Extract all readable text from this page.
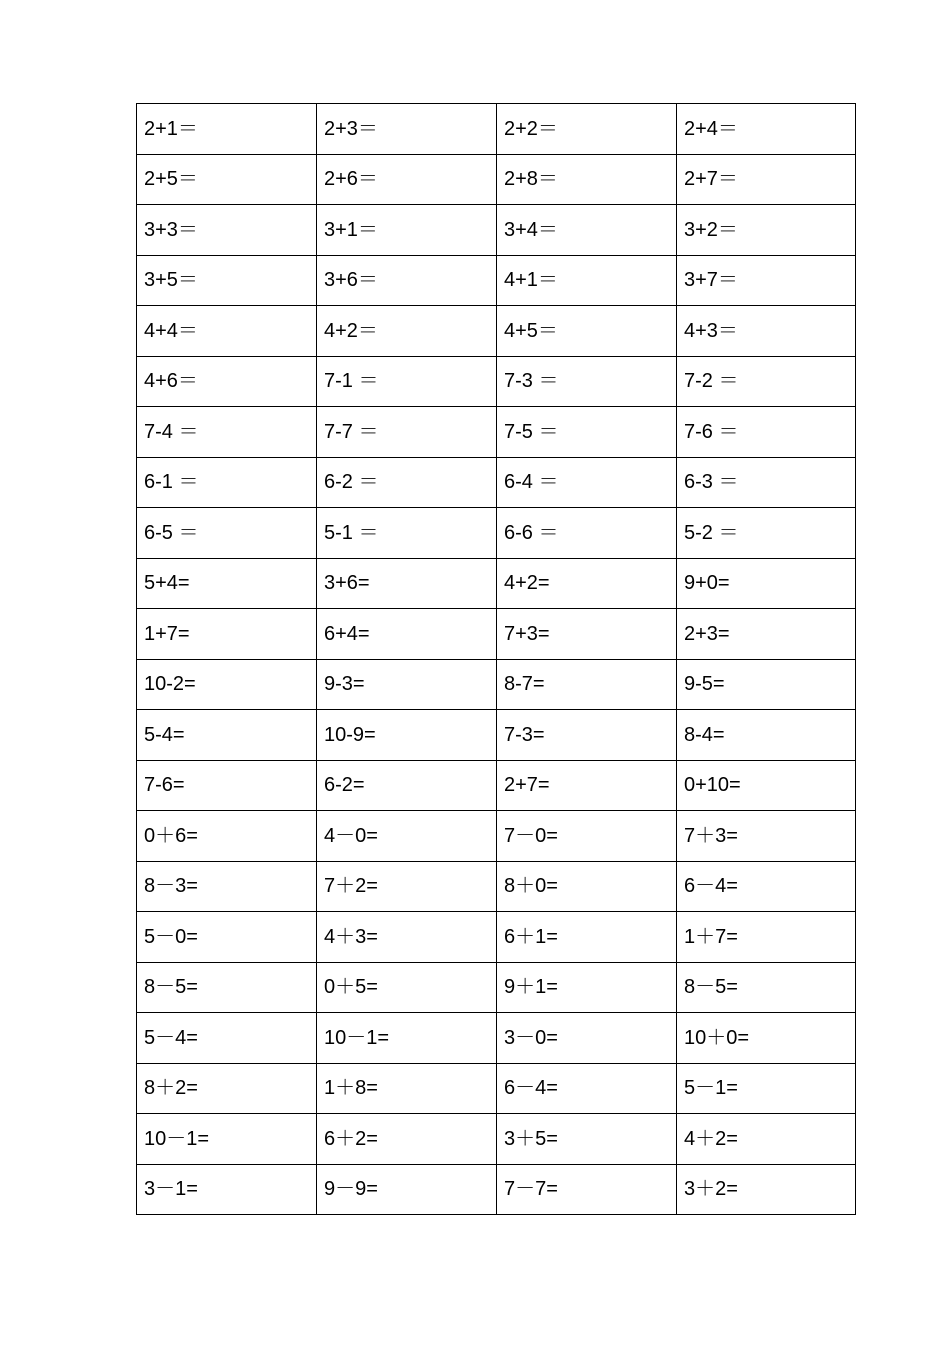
2+1＝	2+3＝	2+2＝	2+4＝
2+5＝	2+6＝	2+8＝	2+7＝
3+3＝	3+1＝	3+4＝	3+2＝
3+5＝	3+6＝	4+1＝	3+7＝
4+4＝	4+2＝	4+5＝	4+3＝
4+6＝	7-1 ＝	7-3 ＝	7-2 ＝
7-4 ＝	7-7 ＝	7-5 ＝	7-6 ＝
6-1 ＝	6-2 ＝	6-4 ＝	6-3 ＝
6-5 ＝	5-1 ＝	6-6 ＝	5-2 ＝
5+4=	3+6=	4+2=	9+0=
1+7=	6+4=	7+3=	2+3=
10-2=	9-3=	8-7=	9-5=
5-4=	10-9=	7-3=	8-4=
7-6=	6-2=	2+7=	0+10=
0＋6=	4－0=	7－0=	7＋3=
8－3=	7＋2=	8＋0=	6－4=
5－0=	4＋3=	6＋1=	1＋7=
8－5=	0＋5=	9＋1=	8－5=
5－4=	10－1=	3－0=	10＋0=
8＋2=	1＋8=	6－4=	5－1=
10－1=	6＋2=	3＋5=	4＋2=
3－1=	9－9=	7－7=	3＋2=
